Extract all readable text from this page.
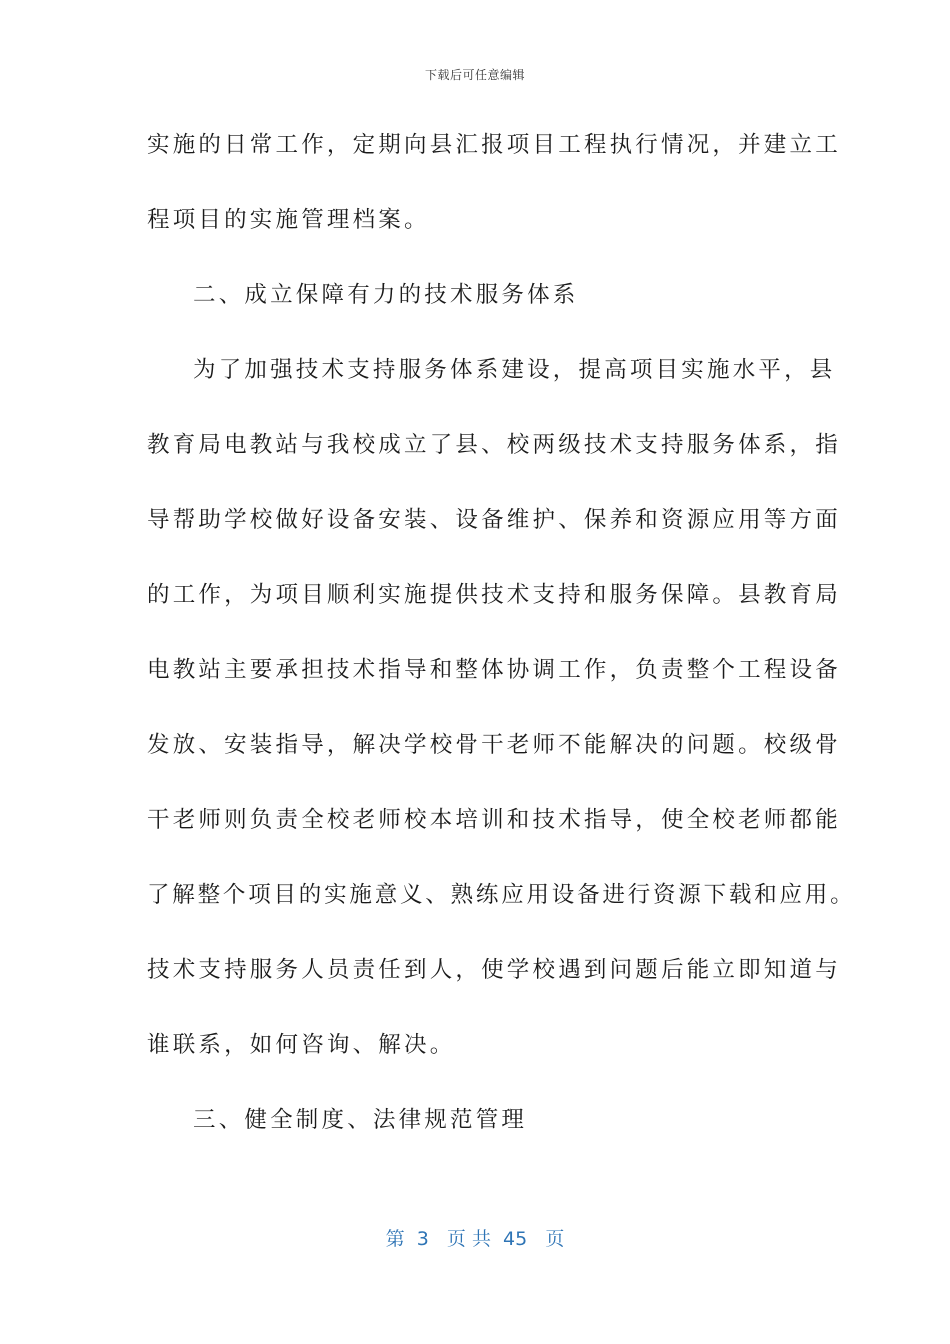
下载后可任意编辑
实施的日常工作，定期向县汇报项目工程执行情况，并建立工
程项目的实施管理档案。
二、成立保障有力的技术服务体系
为了加强技术支持服务体系建设，提高项目实施水平，县
教育局电教站与我校成立了县、校两级技术支持服务体系，指
导帮助学校做好设备安装、设备维护、保养和资源应用等方面
的工作，为项目顺利实施提供技术支持和服务保障。县教育局
电教站主要承担技术指导和整体协调工作，负责整个工程设备
发放、安装指导，解决学校骨干老师不能解决的问题。校级骨
干老师则负责全校老师校本培训和技术指导，使全校老师都能
了解整个项目的实施意义、熟练应用设备进行资源下载和应用。
技术支持服务人员责任到人，使学校遇到问题后能立即知道与
谁联系，如何咨询、解决。
三、健全制度、法律规范管理
第  3   页 共  45   页
